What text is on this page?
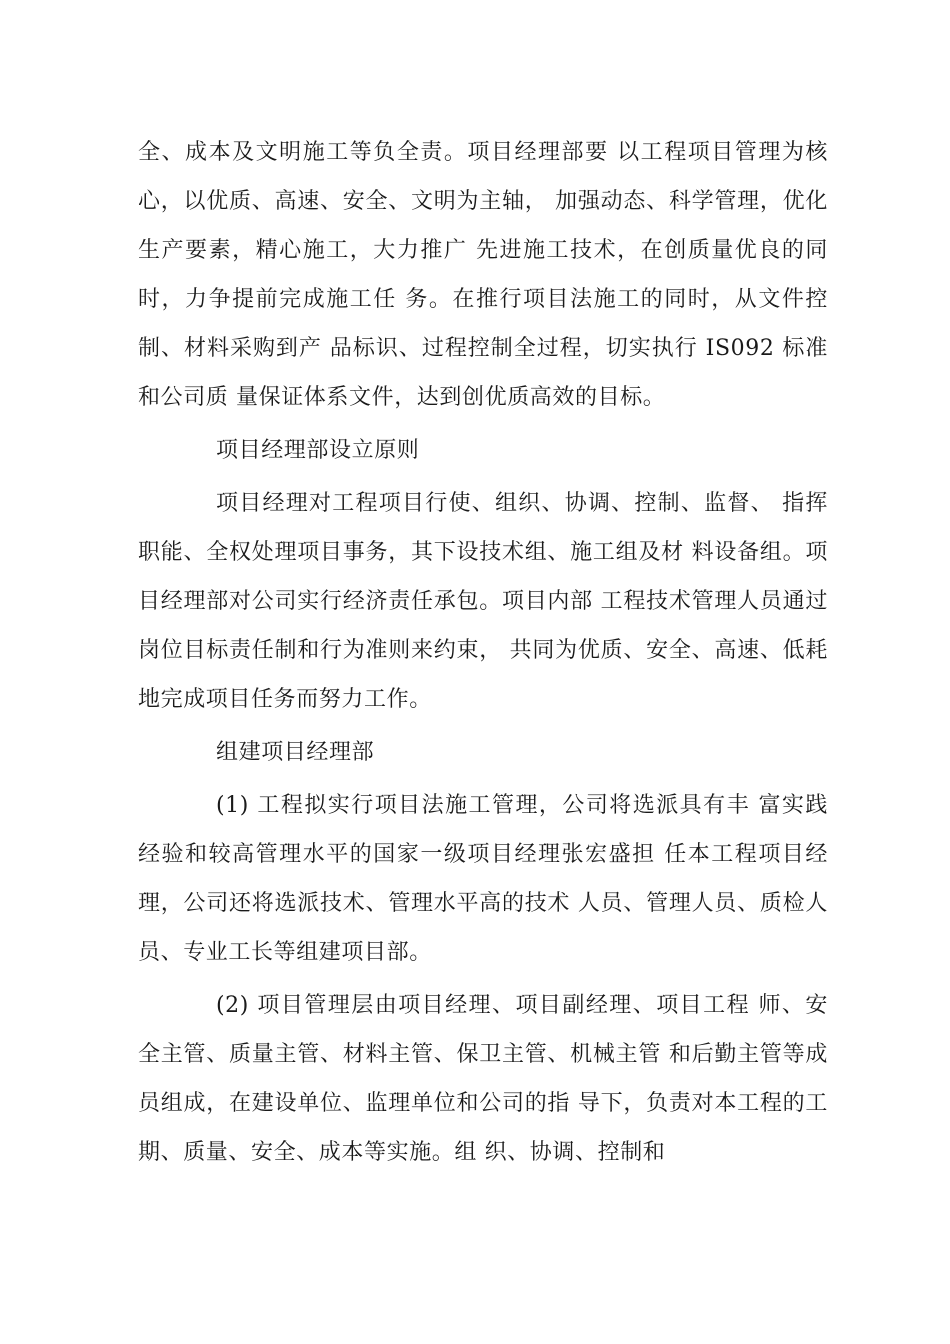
全、成本及文明施工等负全责。项目经理部要 以工程项目管理为核心，以优质、高速、安全、文明为主轴， 加强动态、科学管理，优化生产要素，精心施工，大力推广 先进施工技术，在创质量优良的同时，力争提前完成施工任 务。在推行项目法施工的同时，从文件控制、材料采购到产 品标识、过程控制全过程，切实执行 IS092 标准和公司质 量保证体系文件，达到创优质高效的目标。

项目经理部设立原则

项目经理对工程项目行使、组织、协调、控制、监督、 指挥职能、全权处理项目事务，其下设技术组、施工组及材 料设备组。项目经理部对公司实行经济责任承包。项目内部 工程技术管理人员通过岗位目标责任制和行为准则来约束， 共同为优质、安全、高速、低耗地完成项目任务而努力工作。

组建项目经理部

(1) 工程拟实行项目法施工管理，公司将选派具有丰 富实践经验和较高管理水平的国家一级项目经理张宏盛担 任本工程项目经理，公司还将选派技术、管理水平高的技术 人员、管理人员、质检人员、专业工长等组建项目部。

(2) 项目管理层由项目经理、项目副经理、项目工程 师、安全主管、质量主管、材料主管、保卫主管、机械主管 和后勤主管等成员组成，在建设单位、监理单位和公司的指 导下，负责对本工程的工期、质量、安全、成本等实施。组 织、协调、控制和
